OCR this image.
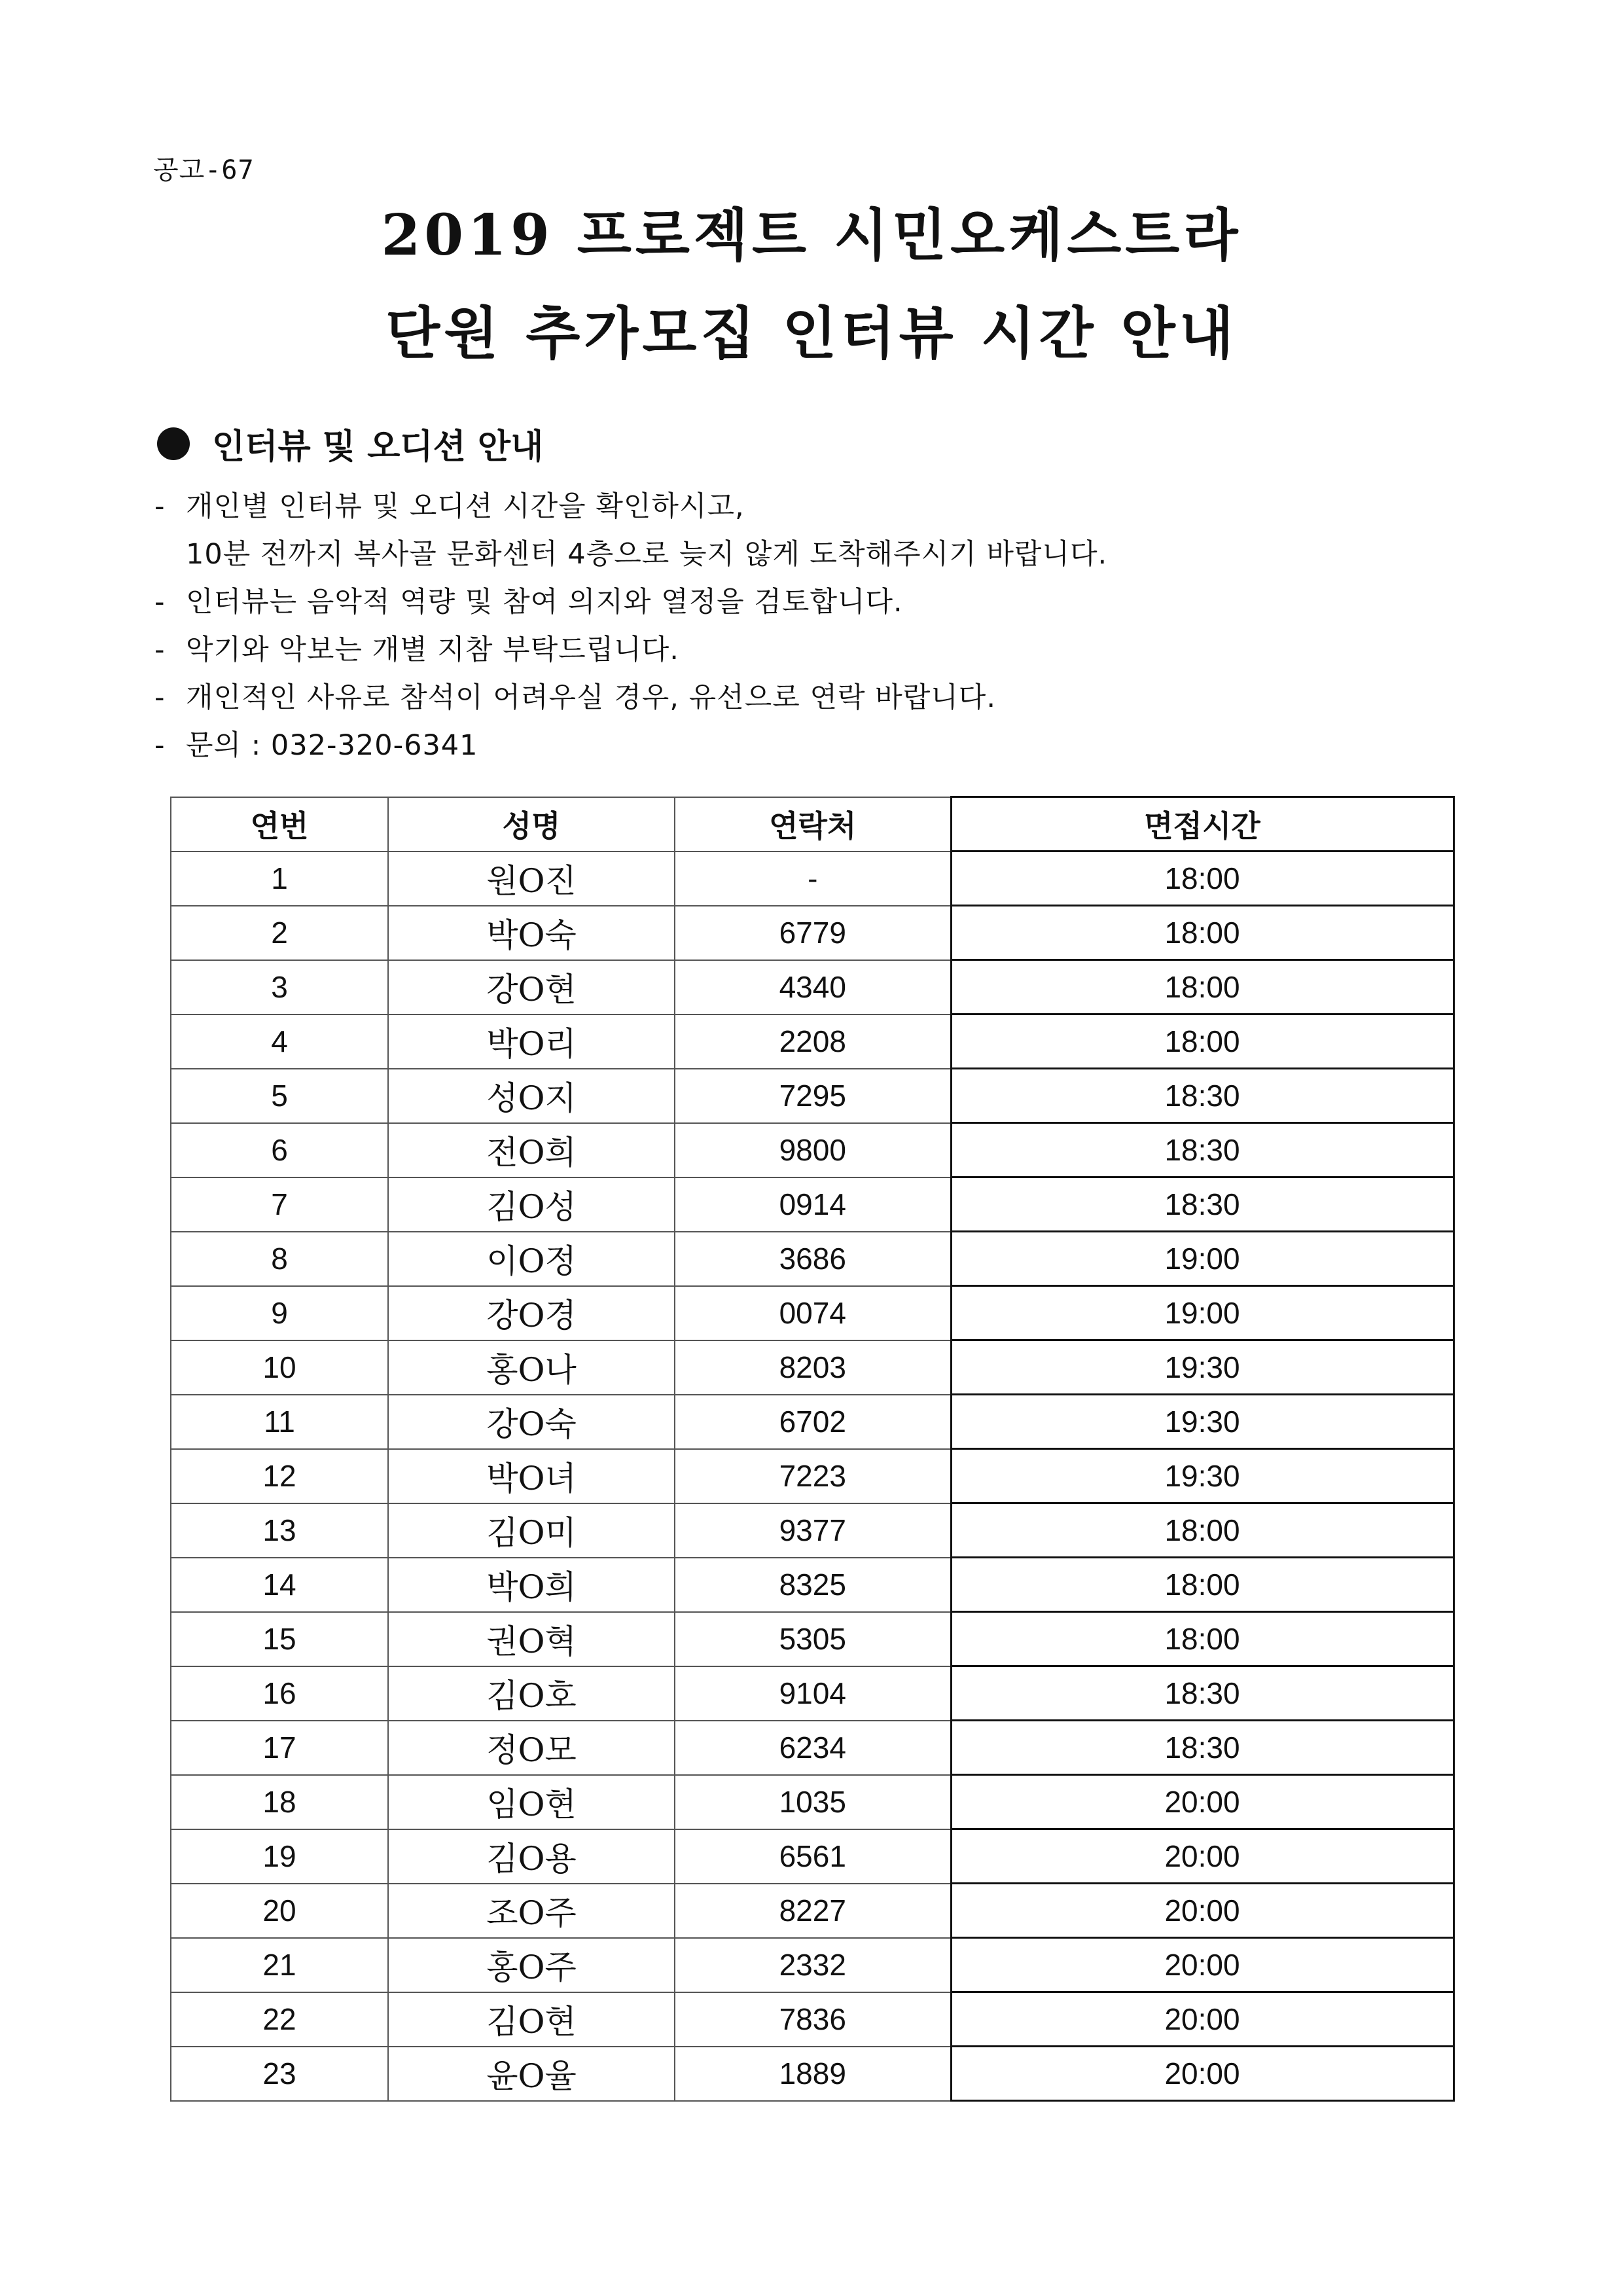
공고-67
2019 프로젝트 시민오케스트라
단원 추가모집 인터뷰 시간 안내
인터뷰 및 오디션 안내
- 개인별 인터뷰 및 오디션 시간을 확인하시고,
10분 전까지 복사골 문화센터 4층으로 늦지 않게 도착해주시기 바랍니다.
- 인터뷰는 음악적 역량 및 참여 의지와 열정을 검토합니다.
- 악기와 악보는 개별 지참 부탁드립니다.
- 개인적인 사유로 참석이 어려우실 경우, 유선으로 연락 바랍니다.
- 문의 : 032-320-6341
연번	성명	연락처	면접시간
1	원O진	-	18:00
2	박O숙	6779	18:00
3	강O현	4340	18:00
4	박O리	2208	18:00
5	성O지	7295	18:30
6	전O희	9800	18:30
7	김O성	0914	18:30
8	이O정	3686	19:00
9	강O경	0074	19:00
10	홍O나	8203	19:30
11	강O숙	6702	19:30
12	박O녀	7223	19:30
13	김O미	9377	18:00
14	박O희	8325	18:00
15	권O혁	5305	18:00
16	김O호	9104	18:30
17	정O모	6234	18:30
18	임O현	1035	20:00
19	김O용	6561	20:00
20	조O주	8227	20:00
21	홍O주	2332	20:00
22	김O현	7836	20:00
23	윤O율	1889	20:00
